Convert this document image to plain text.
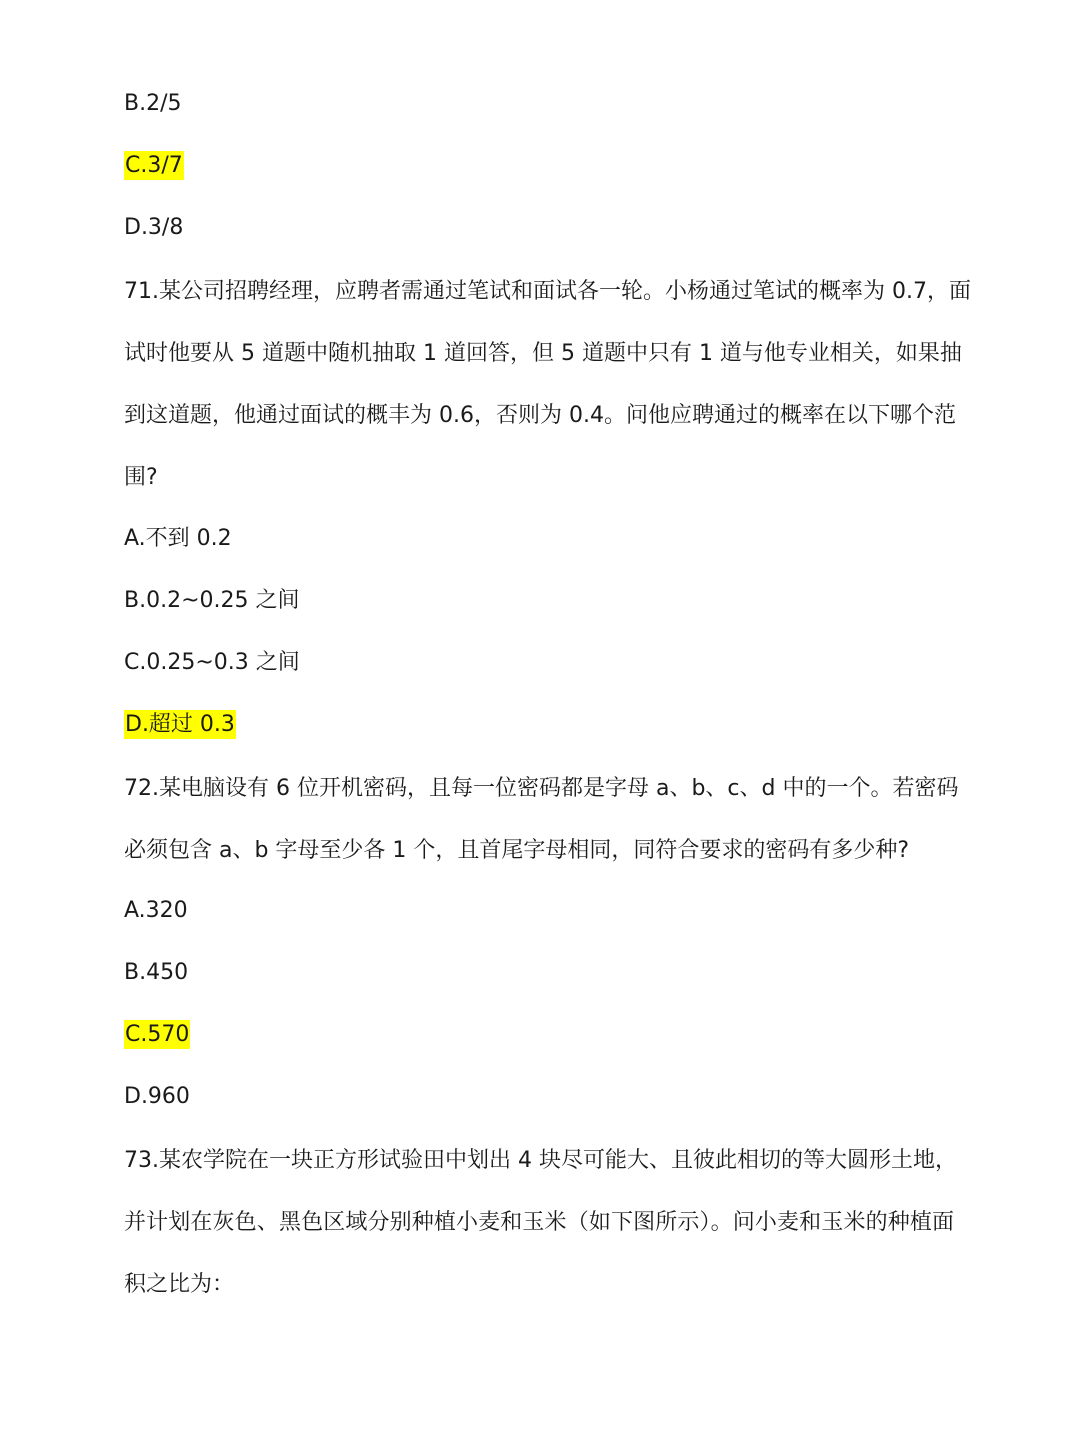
B.2/5
C.3/7
D.3/8
71.某公司招聘经理，应聘者需通过笔试和面试各一轮。小杨通过笔试的概率为 0.7，面
试时他要从 5 道题中随机抽取 1 道回答，但 5 道题中只有 1 道与他专业相关，如果抽
到这道题，他通过面试的概丰为 0.6，否则为 0.4。问他应聘通过的概率在以下哪个范
围?
A.不到 0.2
B.0.2~0.25 之间
C.0.25~0.3 之间
D.超过 0.3
72.某电脑设有 6 位开机密码，且每一位密码都是字母 a、b、c、d 中的一个。若密码
必须包含 a、b 字母至少各 1 个，且首尾字母相同，同符合要求的密码有多少种?
A.320
B.450
C.570
D.960
73.某农学院在一块正方形试验田中划出 4 块尽可能大、且彼此相切的等大圆形土地，
并计划在灰色、黑色区域分别种植小麦和玉米（如下图所示）。问小麦和玉米的种植面
积之比为：
